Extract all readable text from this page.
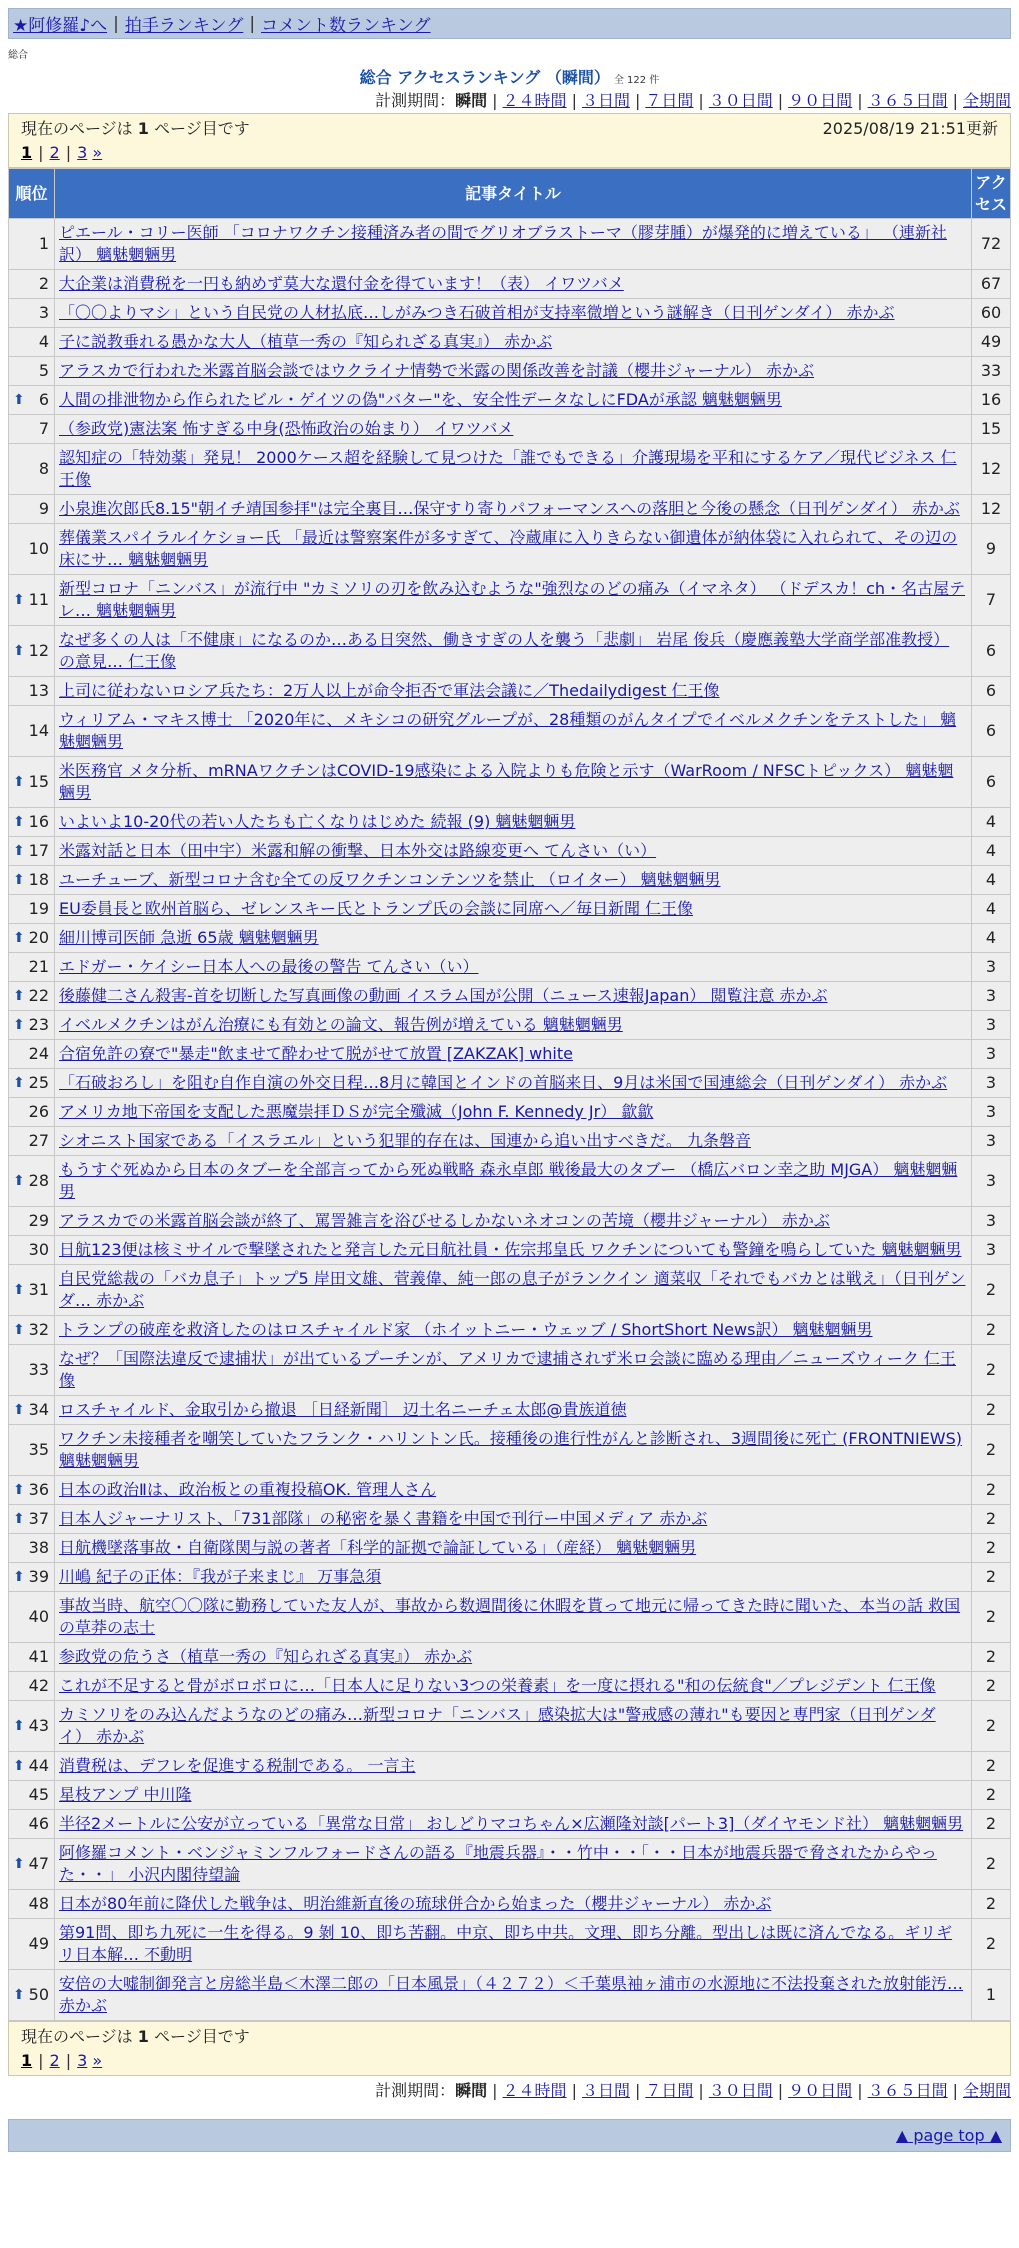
★阿修羅♪へ | 拍手ランキング | コメント数ランキング
総合
総合 アクセスランキング （瞬間） 全 122 件
計測期間：瞬間 | ２４時間 | ３日間 | ７日間 | ３０日間 | ９０日間 | ３６５日間 | 全期間
現在のページは 1 ページ目です	2025/08/19 21:51更新
1 | 2 | 3 »
順位	記事タイトル	アクセス
1	ピエール・コリー医師 「コロナワクチン接種済み者の間でグリオブラストーマ（膠芽腫）が爆発的に増えている」 （連新社訳） 魑魅魍魎男	72
2	大企業は消費税を一円も納めず莫大な還付金を得ています！（表） イワツバメ	67
3	「〇〇よりマシ」という自民党の人材払底…しがみつき石破首相が支持率微増という謎解き（日刊ゲンダイ） 赤かぶ	60
4	子に説教垂れる愚かな大人（植草一秀の『知られざる真実』） 赤かぶ	49
5	アラスカで行われた米露首脳会談ではウクライナ情勢で米露の関係改善を討議（櫻井ジャーナル） 赤かぶ	33

⬆ 6	人間の排泄物から作られたビル・ゲイツの偽"バター"を、安全性データなしにFDAが承認 魑魅魍魎男	16
7	（参政党)憲法案 怖すぎる中身(恐怖政治の始まり） イワツバメ	15
8	認知症の「特効薬」発見！ 2000ケース超を経験して見つけた「誰でもできる」介護現場を平和にするケア／現代ビジネス 仁王像	12
9	小泉進次郎氏8.15"朝イチ靖国参拝"は完全裏目…保守すり寄りパフォーマンスへの落胆と今後の懸念（日刊ゲンダイ） 赤かぶ	12
10	葬儀業スパイラルイケショー氏 「最近は警察案件が多すぎて、冷蔵庫に入りきらない御遺体が納体袋に入れられて、その辺の床にサ… 魑魅魍魎男	9

⬆ 11	新型コロナ「ニンバス」が流行中 "カミソリの刃を飲み込むような"強烈なのどの痛み（イマネタ） （ドデスカ！ch・名古屋テレ… 魑魅魍魎男	7

⬆ 12	なぜ多くの人は「不健康」になるのか…ある日突然、働きすぎの人を襲う「悲劇」 岩尾 俊兵（慶應義塾大学商学部准教授） の意見… 仁王像	6
13	上司に従わないロシア兵たち：2万人以上が命令拒否で軍法会議に／Thedailydigest 仁王像	6
14	ウィリアム・マキス博士 「2020年に、メキシコの研究グループが、28種類のがんタイプでイベルメクチンをテストした」 魑魅魍魎男	6

⬆ 15	米医務官 メタ分析、mRNAワクチンはCOVID-19感染による入院よりも危険と示す（WarRoom / NFSCトピックス） 魑魅魍魎男	6

⬆ 16	いよいよ10-20代の若い人たちも亡くなりはじめた 続報 (9) 魑魅魍魎男	4

⬆ 17	米露対話と日本（田中宇）米露和解の衝撃、日本外交は路線変更へ てんさい（い）	4

⬆ 18	ユーチューブ、新型コロナ含む全ての反ワクチンコンテンツを禁止 （ロイター） 魑魅魍魎男	4
19	EU委員長と欧州首脳ら、ゼレンスキー氏とトランプ氏の会談に同席へ／毎日新聞 仁王像	4

⬆ 20	細川博司医師 急逝 65歳 魑魅魍魎男	4
21	エドガー・ケイシー日本人への最後の警告 てんさい（い）	3

⬆ 22	後藤健二さん殺害-首を切断した写真画像の動画 イスラム国が公開（ニュース速報Japan） 閲覧注意 赤かぶ	3

⬆ 23	イベルメクチンはがん治療にも有効との論文、報告例が増えている 魑魅魍魎男	3
24	合宿免許の寮で"暴走"飲ませて酔わせて脱がせて放置 [ZAKZAK] white	3

⬆ 25	「石破おろし」を阻む自作自演の外交日程…8月に韓国とインドの首脳来日、9月は米国で国連総会（日刊ゲンダイ） 赤かぶ	3
26	アメリカ地下帝国を支配した悪魔崇拝ＤＳが完全殲滅（John F. Kennedy Jr） 歙歙	3
27	シオニスト国家である「イスラエル」という犯罪的存在は、国連から追い出すべきだ。 九条磐音	3

⬆ 28	もうすぐ死ぬから日本のタブーを全部言ってから死ぬ戦略 森永卓郎 戦後最大のタブー （橋広バロン幸之助 MJGA） 魑魅魍魎男	3
29	アラスカでの米露首脳会談が終了、罵詈雑言を浴びせるしかないネオコンの苦境（櫻井ジャーナル） 赤かぶ	3
30	日航123便は核ミサイルで撃墜されたと発言した元日航社員・佐宗邦皇氏 ワクチンについても警鐘を鳴らしていた 魑魅魍魎男	3

⬆ 31	自民党総裁の「バカ息子」トップ5 岸田文雄、菅義偉、純一郎の息子がランクイン 適菜収「それでもバカとは戦え」（日刊ゲンダ… 赤かぶ	2

⬆ 32	トランプの破産を救済したのはロスチャイルド家 （ホイットニー・ウェッブ / ShortShort News訳） 魑魅魍魎男	2
33	なぜ？「国際法違反で逮捕状」が出ているプーチンが、アメリカで逮捕されず米ロ会談に臨める理由／ニューズウィーク 仁王像	2

⬆ 34	ロスチャイルド、金取引から撤退 ［日経新聞］ 辺土名ニーチェ太郎@貴族道徳	2
35	ワクチン未接種者を嘲笑していたフランク・ハリントン氏。接種後の進行性がんと診断され、3週間後に死亡 (FRONTNIEWS) 魑魅魍魎男	2

⬆ 36	日本の政治Ⅱは、政治板との重複投稿OK. 管理人さん	2

⬆ 37	日本人ジャーナリスト、「731部隊」の秘密を暴く書籍を中国で刊行ー中国メディア 赤かぶ	2
38	日航機墜落事故・自衛隊関与説の著者「科学的証拠で論証している」（産経） 魑魅魍魎男	2

⬆ 39	川嶋 紀子の正体：『我が子来まじ』 万事急須	2
40	事故当時、航空〇〇隊に勤務していた友人が、事故から数週間後に休暇を貰って地元に帰ってきた時に聞いた、本当の話 救国の草莽の志士	2
41	参政党の危うさ（植草一秀の『知られざる真実』） 赤かぶ	2
42	これが不足すると骨がボロボロに…「日本人に足りない3つの栄養素」を一度に摂れる"和の伝統食"／プレジデント 仁王像	2

⬆ 43	カミソリをのみ込んだようなのどの痛み…新型コロナ「ニンバス」感染拡大は"警戒感の薄れ"も要因と専門家（日刊ゲンダイ） 赤かぶ	2

⬆ 44	消費税は、デフレを促進する税制である。 一言主	2
45	星枝アンプ 中川隆	2
46	半径2メートルに公安が立っている「異常な日常」 おしどりマコちゃん×広瀬隆対談[パート3]（ダイヤモンド社） 魑魅魍魎男	2

⬆ 47	阿修羅コメント・ベンジャミンフルフォードさんの語る『地震兵器』・・竹中・・「・・日本が地震兵器で脅されたからやった・・」 小沢内閣待望論	2
48	日本が80年前に降伏した戦争は、明治維新直後の琉球併合から始まった（櫻井ジャーナル） 赤かぶ	2
49	第91問、即ち九死に一生を得る。9 剝 10、即ち苦翻。中京、即ち中共。文理、即ち分離。型出しは既に済んでなる。ギリギリ日本解… 不動明	2

⬆ 50	安倍の大嘘制御発言と房総半島＜木澤二郎の「日本風景」（４２７２）＜千葉県袖ヶ浦市の水源地に不法投棄された放射能汚… 赤かぶ	1
現在のページは 1 ページ目です
1 | 2 | 3 »
計測期間：瞬間 | ２４時間 | ３日間 | ７日間 | ３０日間 | ９０日間 | ３６５日間 | 全期間
▲ page top ▲
